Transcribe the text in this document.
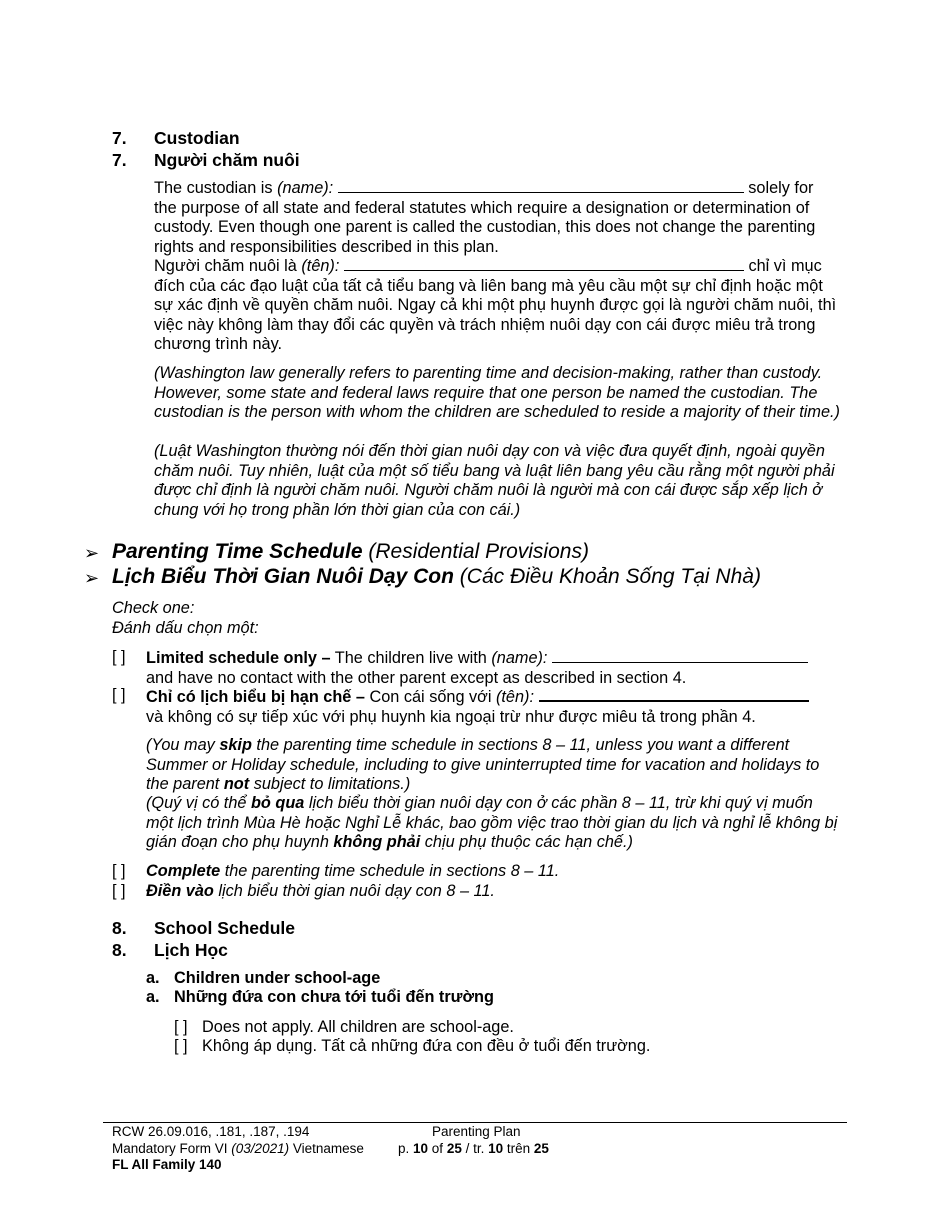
7. Custodian
7. Người chăm nuôi
The custodian is (name):	solely for
the purpose of all state and federal statutes which require a designation or determination of custody. Even though one parent is called the custodian, this does not change the parenting rights and responsibilities described in this plan.
Người chăm nuôi là (tên):	chỉ vì mục
đích của các đạo luật của tất cả tiểu bang và liên bang mà yêu cầu một sự chỉ định hoặc một sự xác định về quyền chăm nuôi. Ngay cả khi một phụ huynh được gọi là người chăm nuôi, thì việc này không làm thay đổi các quyền và trách nhiệm nuôi dạy con cái được miêu trả trong chương trình này.
(Washington law generally refers to parenting time and decision-making, rather than custody. However, some state and federal laws require that one person be named the custodian. The custodian is the person with whom the children are scheduled to reside a majority of their time.)
(Luật Washington thường nói đến thời gian nuôi dạy con và việc đưa quyết định, ngoài quyền chăm nuôi. Tuy nhiên, luật của một số tiểu bang và luật liên bang yêu cầu rằng một người phải được chỉ định là người chăm nuôi. Người chăm nuôi là người mà con cái được sắp xếp lịch ở chung với họ trong phần lớn thời gian của con cái.)
➢ Parenting Time Schedule (Residential Provisions)
➢ Lịch Biểu Thời Gian Nuôi Dạy Con (Các Điều Khoản Sống Tại Nhà)
Check one:
Đánh dấu chọn một:
[ ] Limited schedule only – The children live with (name):
and have no contact with the other parent except as described in section 4.
[ ] Chỉ có lịch biểu bị hạn chế – Con cái sống với (tên):
và không có sự tiếp xúc với phụ huynh kia ngoại trừ như được miêu tả trong phần 4.
(You may skip the parenting time schedule in sections 8 – 11, unless you want a different Summer or Holiday schedule, including to give uninterrupted time for vacation and holidays to the parent not subject to limitations.)
(Quý vị có thể bỏ qua lịch biểu thời gian nuôi dạy con ở các phần 8 – 11, trừ khi quý vị muốn một lịch trình Mùa Hè hoặc Nghỉ Lễ khác, bao gồm việc trao thời gian du lịch và nghỉ lễ không bị gián đoạn cho phụ huynh không phải chịu phụ thuộc các hạn chế.)
[ ] Complete the parenting time schedule in sections 8 – 11.
[ ] Điền vào lịch biểu thời gian nuôi dạy con 8 – 11.
8. School Schedule
8. Lịch Học
a. Children under school-age
a. Những đứa con chưa tới tuổi đến trường
[ ] Does not apply. All children are school-age.
[ ] Không áp dụng. Tất cả những đứa con đều ở tuổi đến trường.
RCW 26.09.016, .181, .187, .194
Mandatory Form VI (03/2021) Vietnamese
FL All Family 140
Parenting Plan
p. 10 of 25 / tr. 10 trên 25
